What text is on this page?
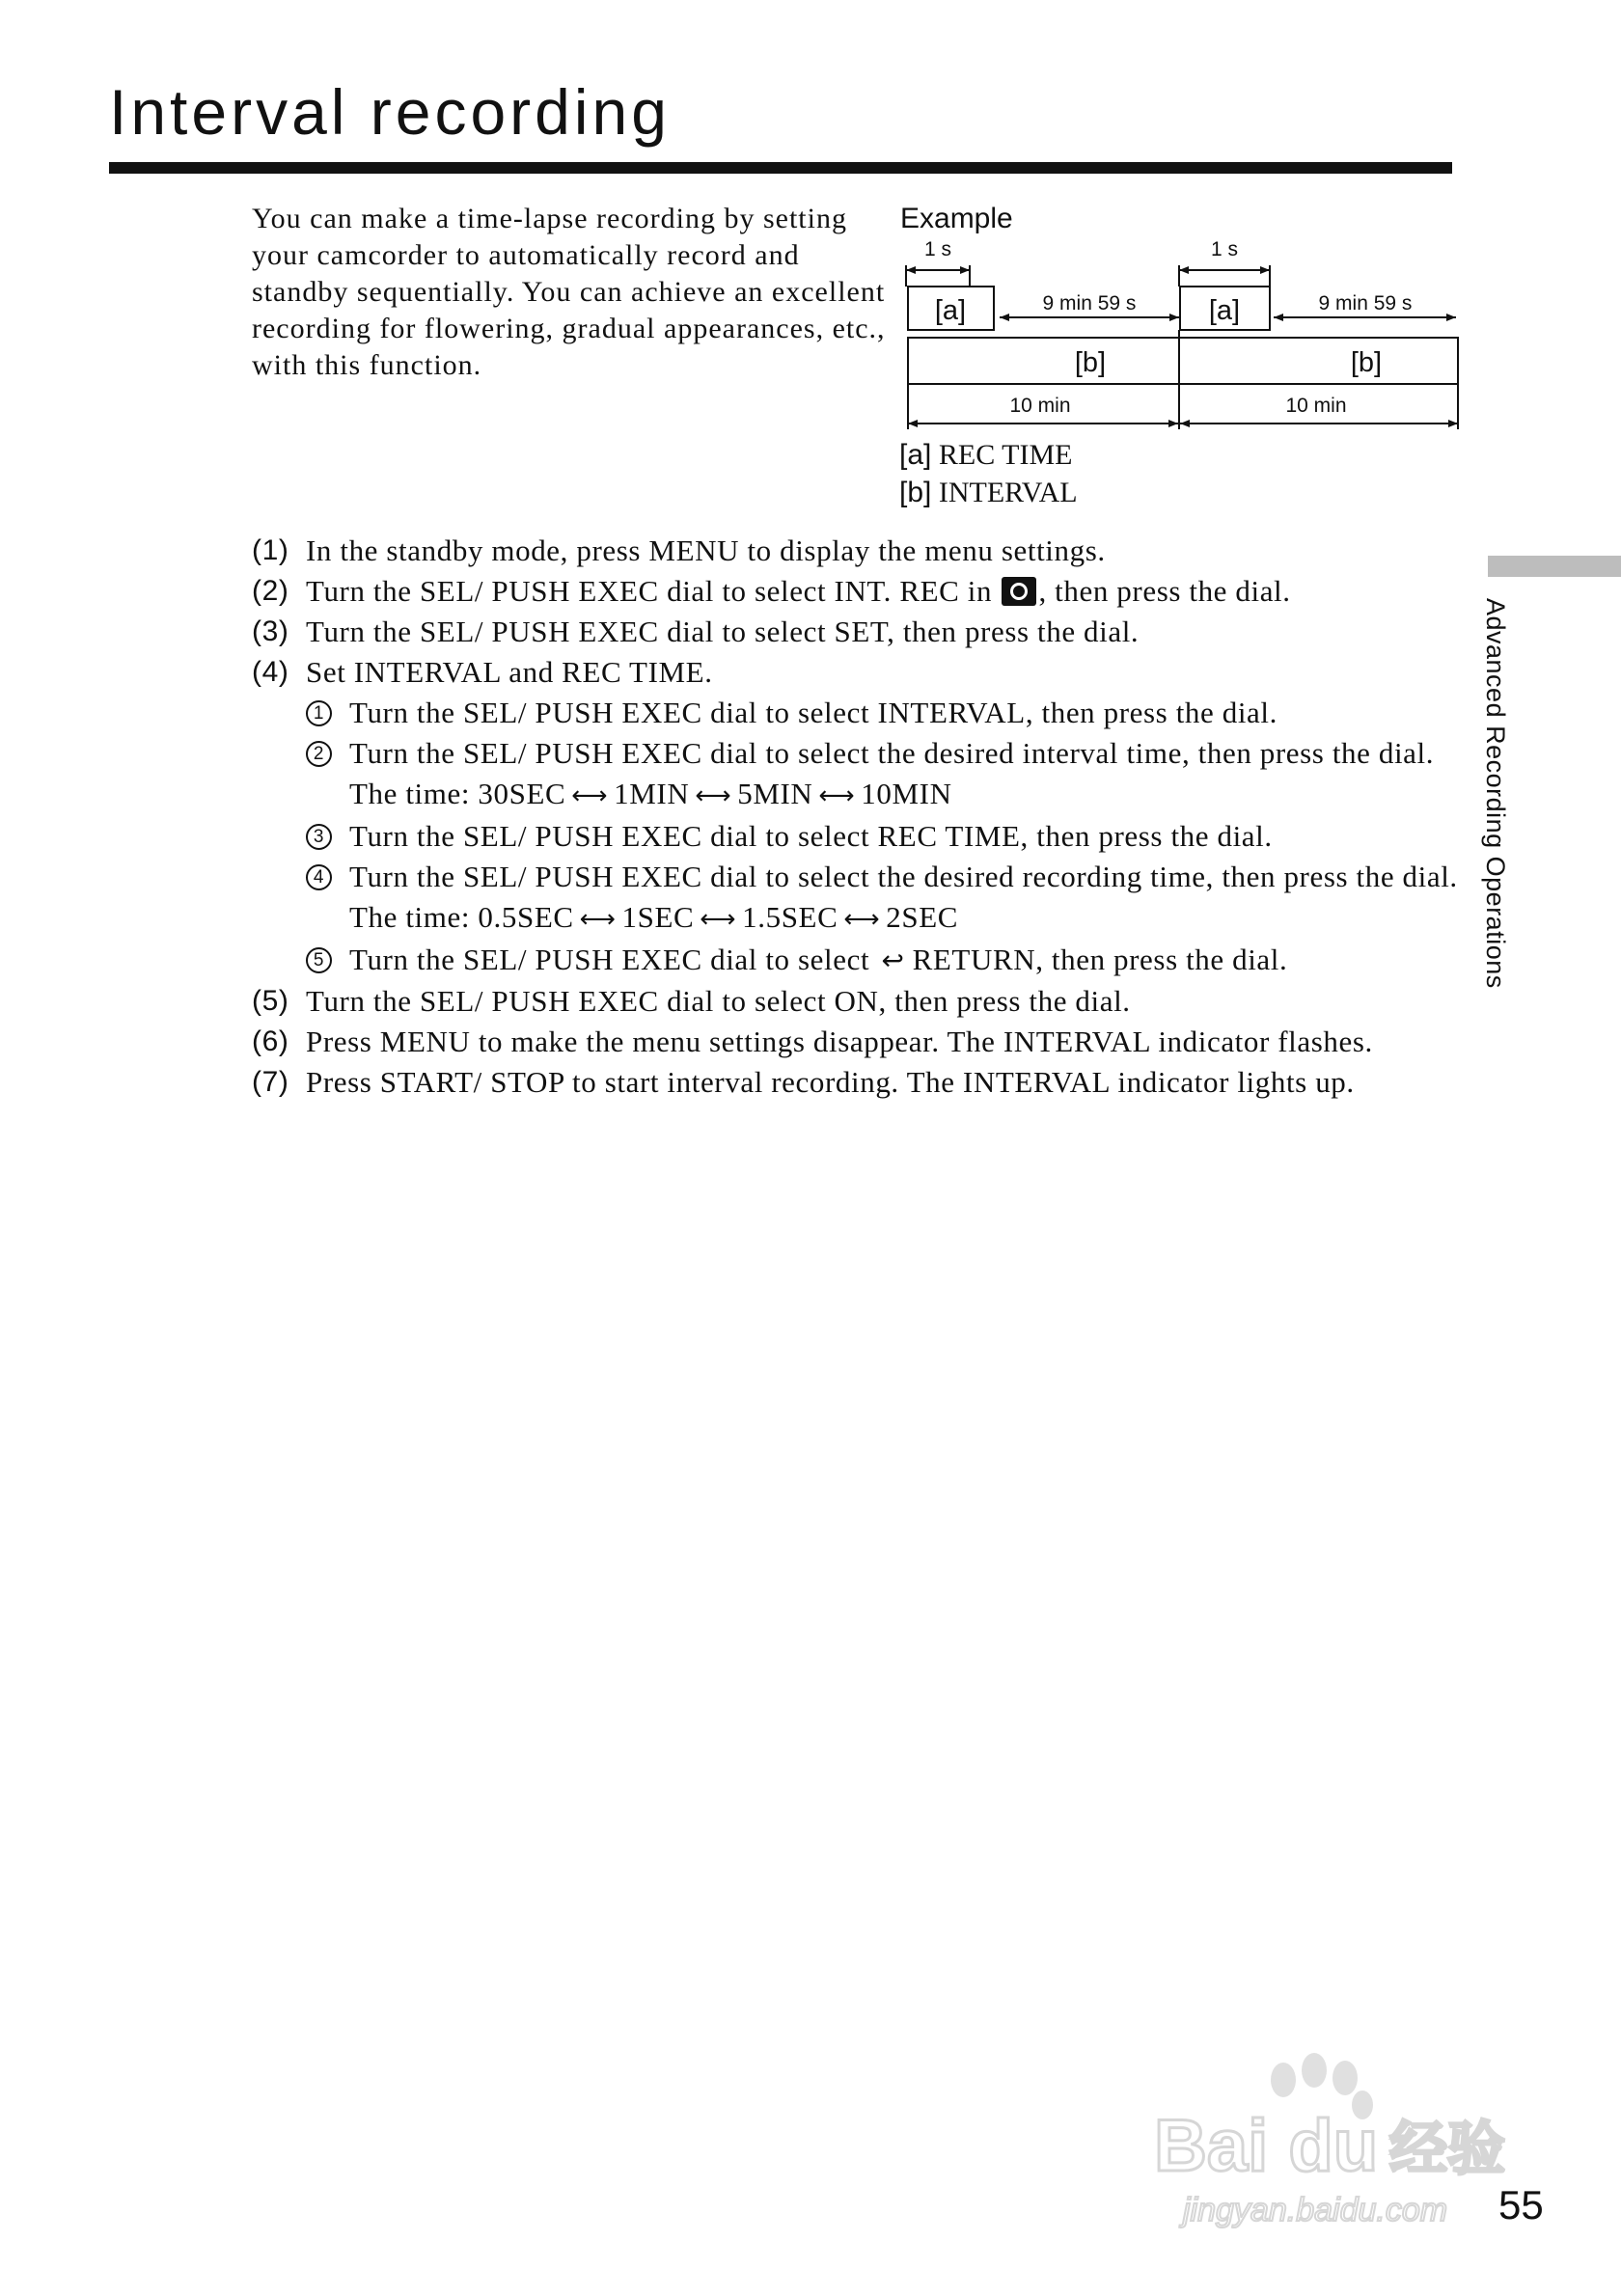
Interval recording

You can make a time-lapse recording by setting your camcorder to automatically record and standby sequentially. You can achieve an excellent recording for flowering, gradual appearances, etc., with this function.

Example
1 s	1 s
9 min 59 s	9 min 59 s
[a]	[a]
[b]	[b]
10 min	10 min
[a] REC TIME
[b] INTERVAL
(1) In the standby mode, press MENU to display the menu settings.
(2) Turn the SEL/ PUSH EXEC dial to select INT. REC in , then press the dial.
(3) Turn the SEL/ PUSH EXEC dial to select SET, then press the dial.
(4) Set INTERVAL and REC TIME.
1 Turn the SEL/ PUSH EXEC dial to select INTERVAL, then press the dial.
2 Turn the SEL/ PUSH EXEC dial to select the desired interval time, then press the dial.
The time: 30SEC ⟷ 1MIN ⟷ 5MIN ⟷ 10MIN
3 Turn the SEL/ PUSH EXEC dial to select REC TIME, then press the dial.
4 Turn the SEL/ PUSH EXEC dial to select the desired recording time, then press the dial.
The time: 0.5SEC ⟷ 1SEC ⟷ 1.5SEC ⟷ 2SEC
5 Turn the SEL/ PUSH EXEC dial to select ↩ RETURN, then press the dial.
(5) Turn the SEL/ PUSH EXEC dial to select ON, then press the dial.
(6) Press MENU to make the menu settings disappear. The INTERVAL indicator flashes.
(7) Press START/ STOP to start interval recording. The INTERVAL indicator lights up.
Advanced Recording Operations
Bai du 经验
jingyan.baidu.com 55
